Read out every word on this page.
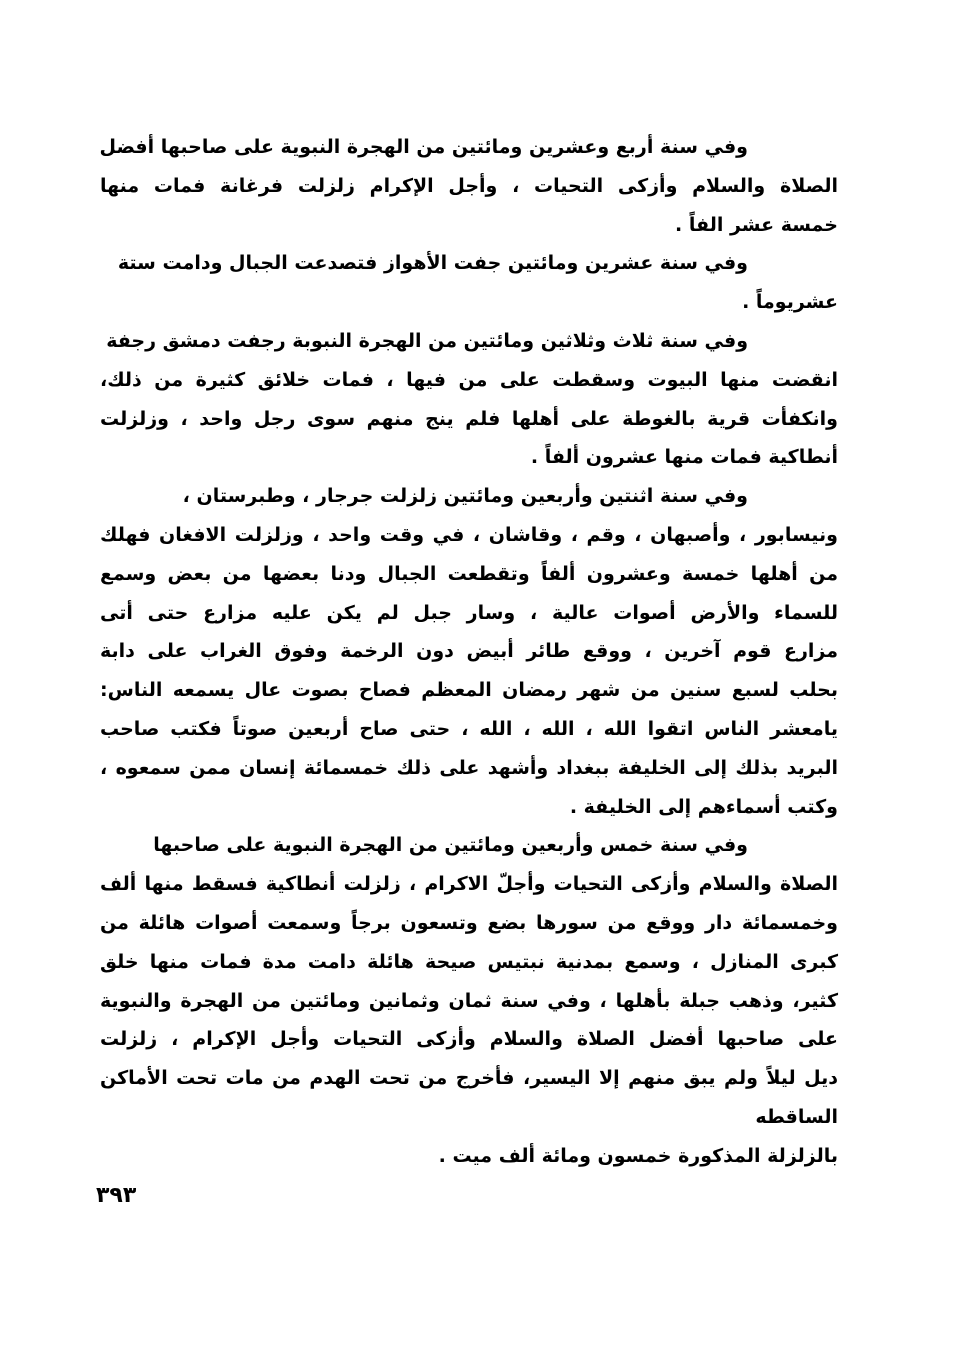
وفي سنة أربع وعشرين ومائتين من الهجرة النبوية على صاحبها أفضل
الصلاة والسلام وأزكى التحيات ، وأجل الإكرام زلزلت فرغانة فمات منها
خمسة عشر الفاً .
وفي سنة عشرين ومائتين جفت الأهواز فتصدعت الجبال ودامت ستة
عشريوماً .
وفي سنة ثلاث وثلاثين ومائتين من الهجرة النبوبة رجفت دمشق رجفة
انقضت منها البيوت وسقطت على من فيها ، فمات خلائق كثيرة من ذلك،
وانكفأت قرية بالغوطة على أهلها فلم ينج منهم سوى رجل واحد ، وزلزلت
أنطاكية فمات منها عشرون ألفاً .
وفي سنة اثنتين وأربعين ومائتين زلزلت جرجار ، وطبرستان ،
ونيسابور ، وأصبهان ، وقم ، وقاشان ، في وقت واحد ، وزلزلت الافغان فهلك
من أهلها خمسة وعشرون ألفاً وتقطعت الجبال ودنا بعضها من بعض وسمع
للسماء والأرض أصوات عالية ، وسار جبل لم يكن عليه مزارع حتى أتى
مزارع قوم آخرين ، ووقع طائر أبيض دون الرخمة وفوق الغراب على دابة
بحلب لسبع سنين من شهر رمضان المعظم فصاح بصوت عال يسمعه الناس:
يامعشر الناس اتقوا الله ، الله ، الله ، حتى صاح أربعين صوتاً فكتب صاحب
البريد بذلك إلى الخليفة ببغداد وأشهد على ذلك خمسمائة إنسان ممن سمعوه ،
وكتب أسماءهم إلى الخليفة .
وفي سنة خمس وأربعين ومائتين من الهجرة النبوية على صاحبها
الصلاة والسلام وأزكى التحيات وأجلّ الاكرام ، زلزلت أنطاكية فسقط منها ألف
وخمسمائة دار ووقع من سورها بضع وتسعون برجاً وسمعت أصوات هائلة من
كبرى المنازل ، وسمع بمدنية نبتيس صيحة هائلة دامت مدة فمات منها خلق
كثير، وذهب جبلة بأهلها ، وفي سنة ثمان وثمانين ومائتين من الهجرة والنبوية
على صاحبها أفضل الصلاة والسلام وأزكى التحيات وأجل الإكرام ، زلزلت
ديل ليلاً ولم يبق منهم إلا اليسير، فأخرج من تحت الهدم من مات تحت الأماكن
الساقطه
بالزلزلة المذكورة خمسون ومائة ألف ميت .
٣٩٣
